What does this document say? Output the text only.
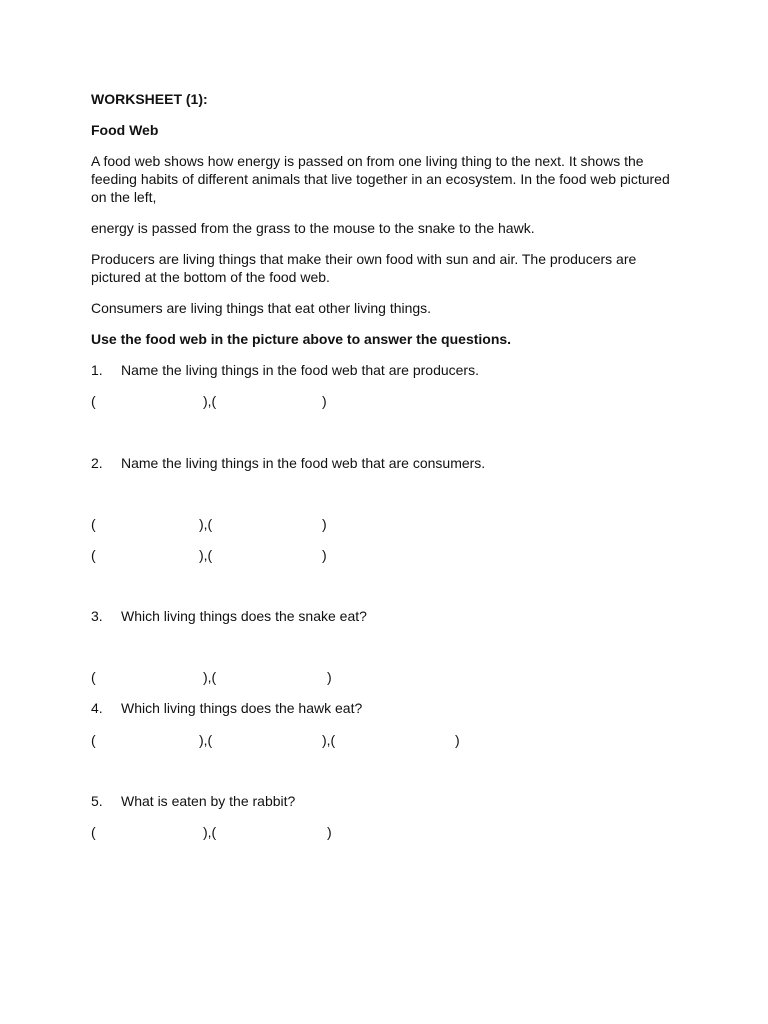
WORKSHEET (1):
Food Web
A food web shows how energy is passed on from one living thing to the next. It shows the feeding habits of different animals that live together in an ecosystem. In the food web pictured on the left,
energy is passed from the grass to the mouse to the snake to the hawk.
Producers are living things that make their own food with sun and air. The producers are pictured at the bottom of the food web.
Consumers are living things that eat other living things.
Use the food web in the picture above to answer the questions.
1. Name the living things in the food web that are producers.
(	),(	)
2. Name the living things in the food web that are consumers.
(	),(	)
(	),(	)
3. Which living things does the snake eat?
(	),(	)
4. Which living things does the hawk eat?
(	),(	),(	)
5. What is eaten by the rabbit?
(	),(	)
